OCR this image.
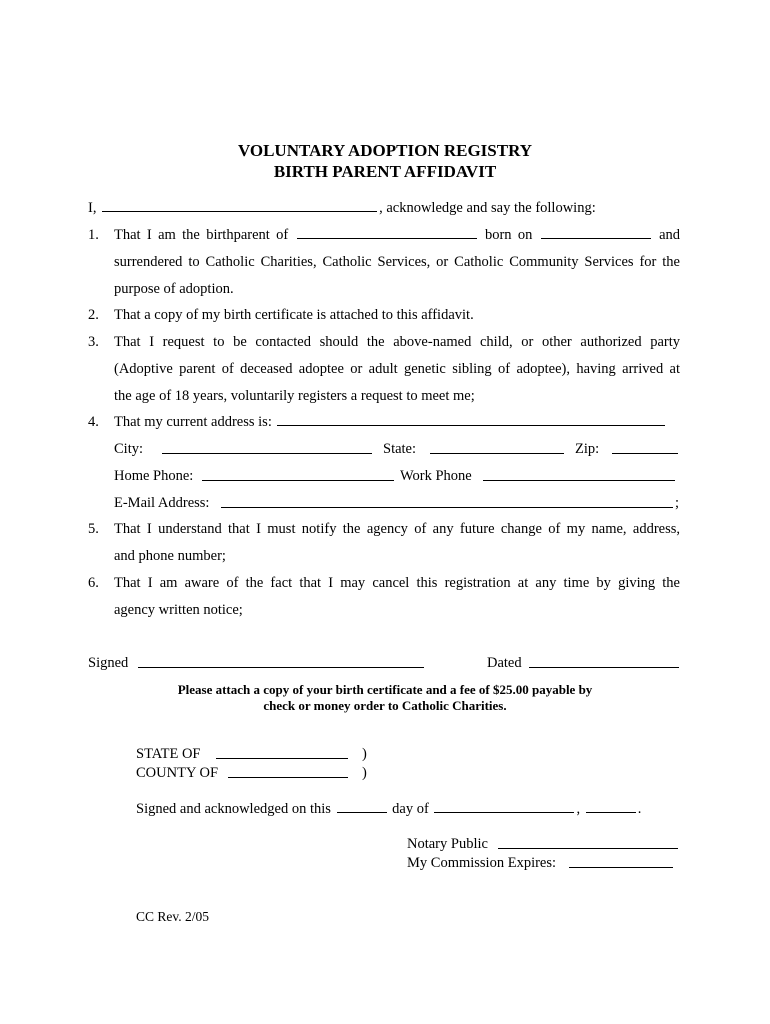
VOLUNTARY ADOPTION REGISTRY
BIRTH PARENT AFFIDAVIT
I,	, acknowledge and say the following:
1. That I am the birthparent of	born on	and
surrendered to Catholic Charities, Catholic Services, or Catholic Community Services for the
purpose of adoption.
2. That a copy of my birth certificate is attached to this affidavit.
3. That I request to be contacted should the above-named child, or other authorized party
(Adoptive parent of deceased adoptee or adult genetic sibling of adoptee), having arrived at
the age of 18 years, voluntarily registers a request to meet me;
4. That my current address is:
City:	State:	Zip:
Home Phone:	Work Phone
E-Mail Address:	;
5. That I understand that I must notify the agency of any future change of my name, address,
and phone number;
6. That I am aware of the fact that I may cancel this registration at any time by giving the
agency written notice;
Signed	Dated
Please attach a copy of your birth certificate and a fee of $25.00 payable by
check or money order to Catholic Charities.
STATE OF	)
COUNTY OF	)
Signed and acknowledged on this	day of	,	.
Notary Public
My Commission Expires:
CC Rev. 2/05
